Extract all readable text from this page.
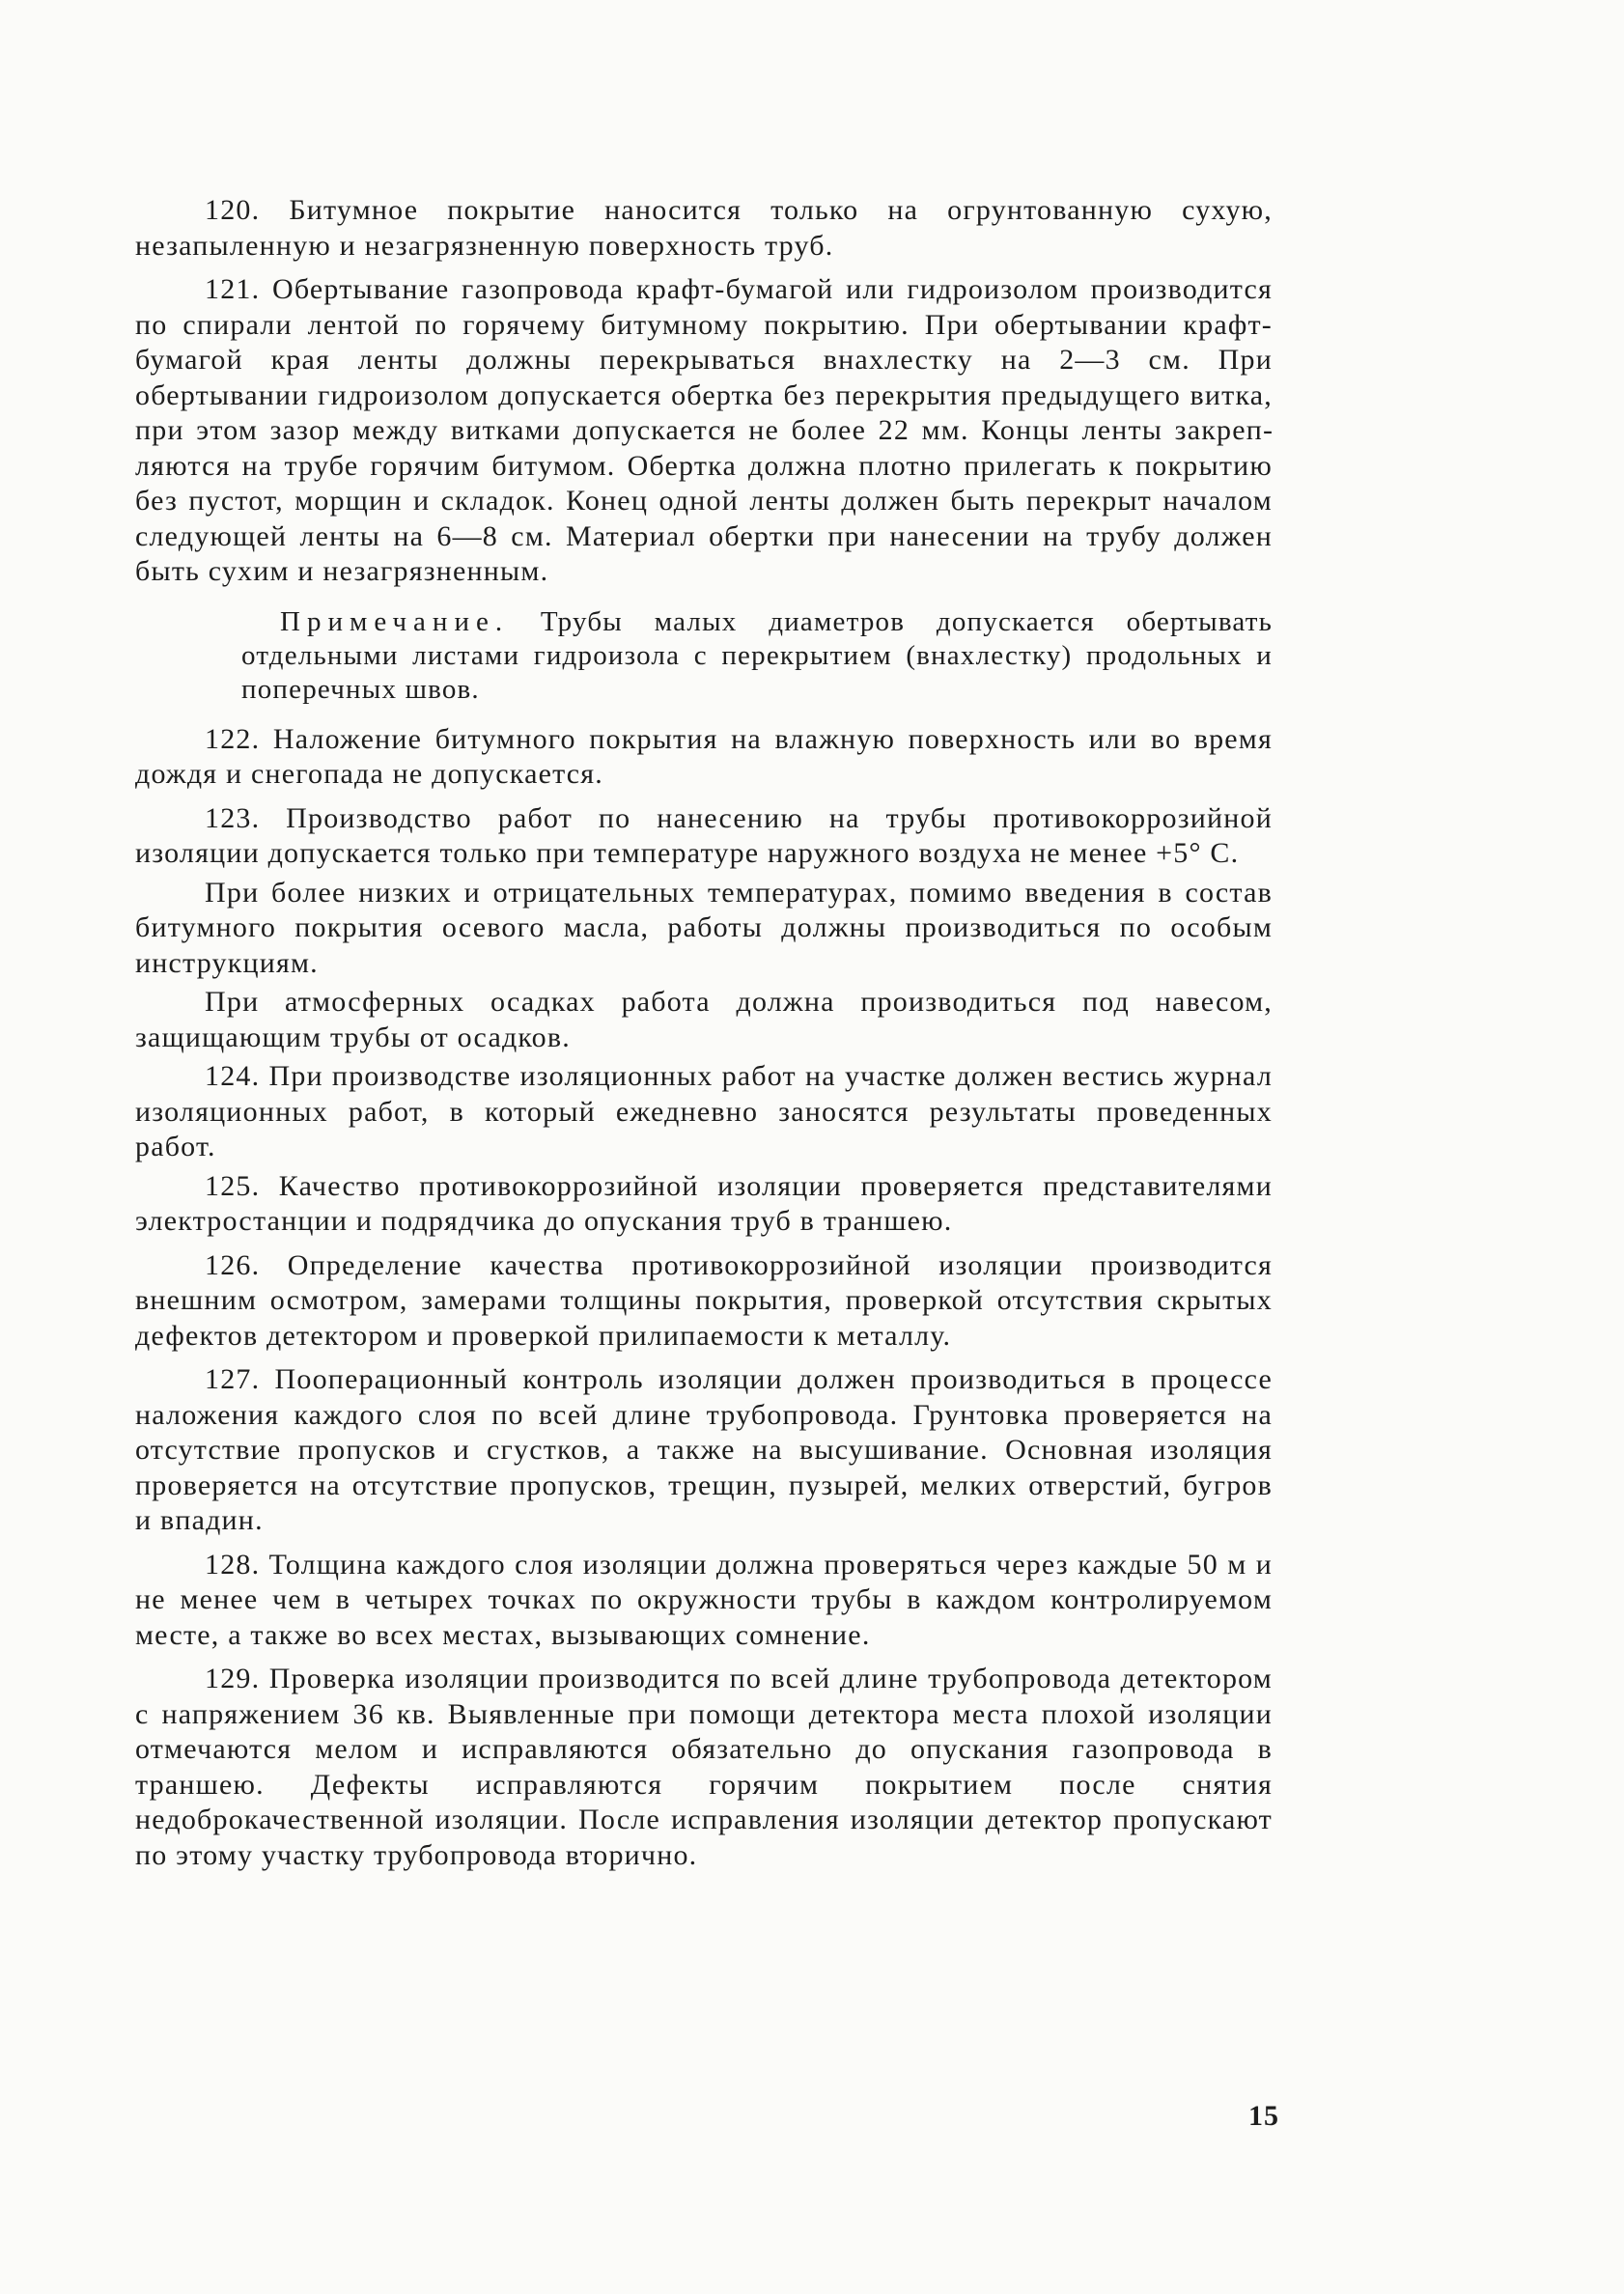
120. Битумное покрытие наносится только на огрунтованную сухую, незапыленную и незагрязненную поверхность труб.

121. Обертывание газопровода крафт-бумагой или гидроизолом производится по спирали лентой по горячему битумному покрытию. При обертывании крафт-бумагой края ленты должны перекрываться внахлестку на 2—3 см. При обертывании гидроизолом допускается обертка без перекрытия предыдущего витка, при этом зазор между витками допускается не более 22 мм. Концы ленты закрепляются на трубе горячим битумом. Обертка должна плотно прилегать к покрытию без пустот, морщин и складок. Конец одной ленты должен быть перекрыт началом следующей ленты на 6—8 см. Материал обертки при нанесении на трубу должен быть сухим и незагрязненным.

Примечание. Трубы малых диаметров допускается обертывать отдельными листами гидроизола с перекрытием (внахлестку) продольных и поперечных швов.

122. Наложение битумного покрытия на влажную поверхность или во время дождя и снегопада не допускается.

123. Производство работ по нанесению на трубы противокоррозийной изоляции допускается только при температуре наружного воздуха не менее +5° С.

При более низких и отрицательных температурах, помимо введения в состав битумного покрытия осевого масла, работы должны производиться по особым инструкциям.

При атмосферных осадках работа должна производиться под навесом, защищающим трубы от осадков.

124. При производстве изоляционных работ на участке должен вестись журнал изоляционных работ, в который ежедневно заносятся результаты проведенных работ.

125. Качество противокоррозийной изоляции проверяется представителями электростанции и подрядчика до опускания труб в траншею.

126. Определение качества противокоррозийной изоляции производится внешним осмотром, замерами толщины покрытия, проверкой отсутствия скрытых дефектов детектором и проверкой прилипаемости к металлу.

127. Пооперационный контроль изоляции должен производиться в процессе наложения каждого слоя по всей длине трубопровода. Грунтовка проверяется на отсутствие пропусков и сгустков, а также на высушивание. Основная изоляция проверяется на отсутствие пропусков, трещин, пузырей, мелких отверстий, бугров и впадин.

128. Толщина каждого слоя изоляции должна проверяться через каждые 50 м и не менее чем в четырех точках по окружности трубы в каждом контролируемом месте, а также во всех местах, вызывающих сомнение.

129. Проверка изоляции производится по всей длине трубопровода детектором с напряжением 36 кв. Выявленные при помощи детектора места плохой изоляции отмечаются мелом и исправляются обязательно до опускания газопровода в траншею. Дефекты исправляются горячим покрытием после снятия недоброкачественной изоляции. После исправления изоляции детектор пропускают по этому участку трубопровода вторично.

15
